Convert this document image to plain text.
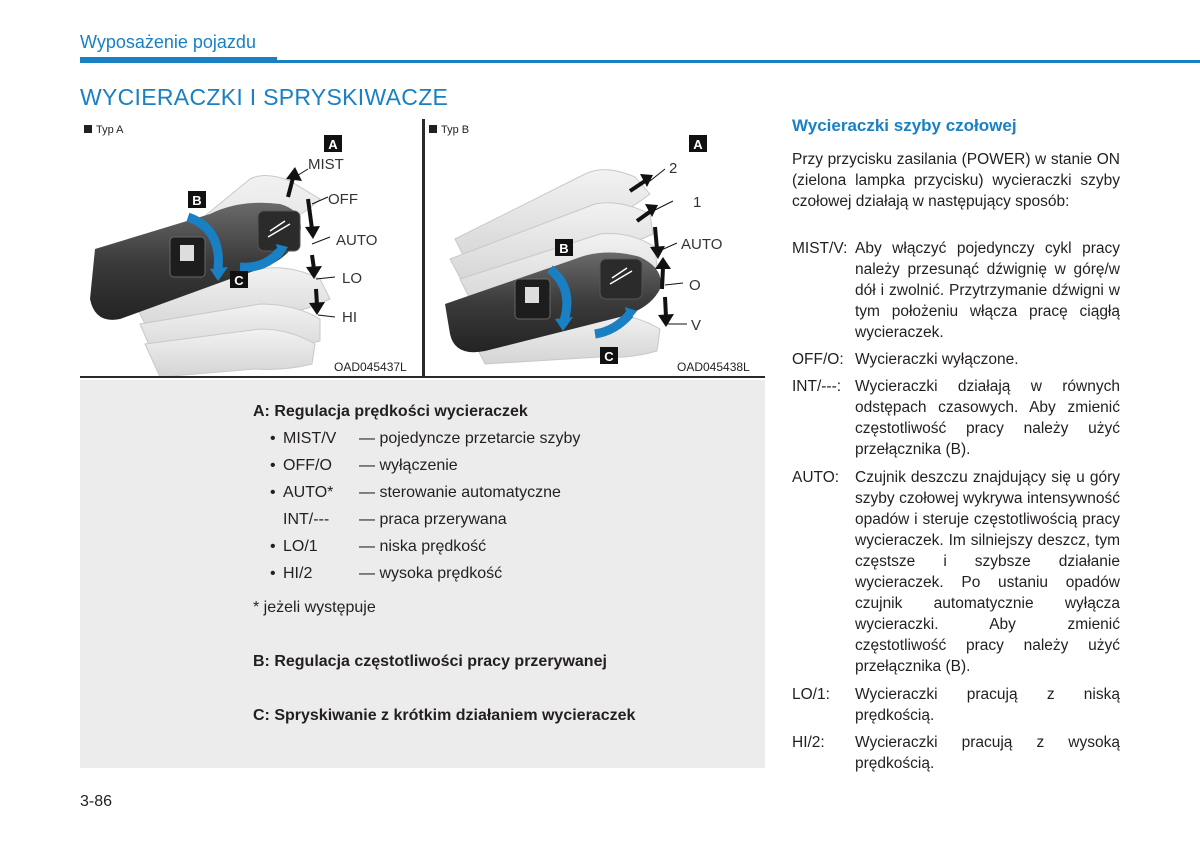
Wyposażenie pojazdu
WYCIERACZKI I SPRYSKIWACZE
A
B
C
MIST
OFF
AUTO
LO
HI
Typ A
OAD045437L
A
B
C
2
1
AUTO
O
V
Typ B
OAD045438L
A: Regulacja prędkości wycieraczek
• MIST/V — pojedyncze przetarcie szyby
• OFF/O — wyłączenie
• AUTO* — sterowanie automatyczne
INT/--- — praca przerywana
• LO/1	— niska prędkość
• HI/2	— wysoka prędkość
* jeżeli występuje
B: Regulacja częstotliwości pracy przerywanej
C: Spryskiwanie z krótkim działaniem wycieraczek
Wycieraczki szyby czołowej
Przy przycisku zasilania (POWER) w stanie ON (zielona lampka przycisku) wycieraczki szyby czołowej działają w następujący sposób:
MIST/V: Aby włączyć pojedynczy cykl pracy należy przesunąć dźwignię w górę/w dół i zwolnić. Przytrzymanie dźwigni w tym położeniu włącza pracę ciągłą wycieraczek.
OFF/O: Wycieraczki wyłączone.
INT/---: Wycieraczki działają w równych odstępach czasowych. Aby zmienić częstotliwość pracy należy użyć przełącznika (B).
AUTO: Czujnik deszczu znajdujący się u góry szyby czołowej wykrywa intensywność opadów i steruje częstotliwością pracy wycieraczek. Im silniejszy deszcz, tym częstsze i szybsze działanie wycieraczek. Po ustaniu opadów czujnik automatycznie wyłącza wycieraczki. Aby zmienić częstotliwość pracy należy użyć przełącznika (B).
LO/1: Wycieraczki pracują z niską prędkością.
HI/2: Wycieraczki pracują z wysoką prędkością.
3-86
